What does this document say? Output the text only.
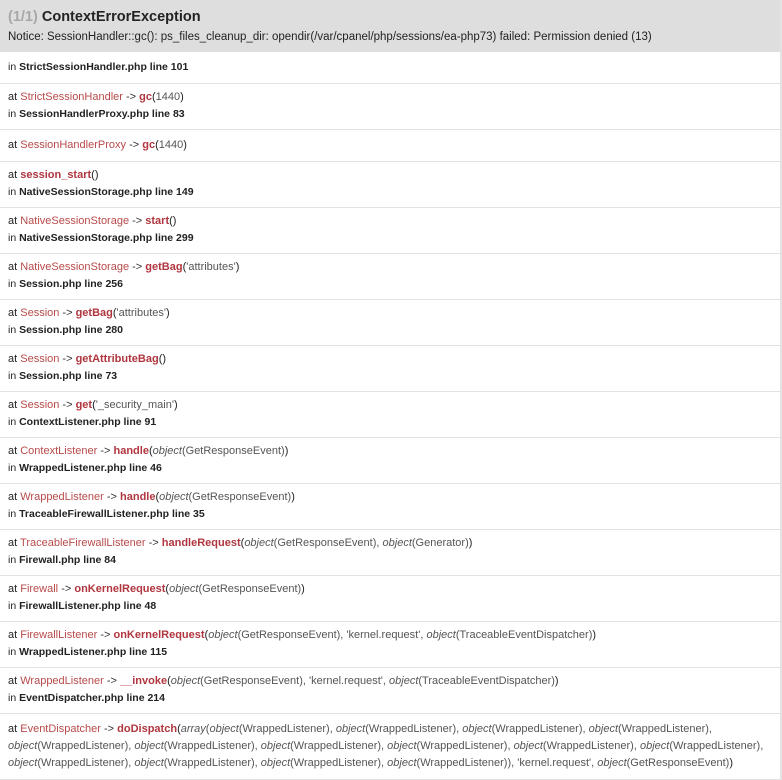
(1/1) ContextErrorException
Notice: SessionHandler::gc(): ps_files_cleanup_dir: opendir(/var/cpanel/php/sessions/ea-php73) failed: Permission denied (13)
in StrictSessionHandler.php line 101
at StrictSessionHandler -> gc(1440)
in SessionHandlerProxy.php line 83
at SessionHandlerProxy -> gc(1440)
at session_start()
in NativeSessionStorage.php line 149
at NativeSessionStorage -> start()
in NativeSessionStorage.php line 299
at NativeSessionStorage -> getBag('attributes')
in Session.php line 256
at Session -> getBag('attributes')
in Session.php line 280
at Session -> getAttributeBag()
in Session.php line 73
at Session -> get('_security_main')
in ContextListener.php line 91
at ContextListener -> handle(object(GetResponseEvent))
in WrappedListener.php line 46
at WrappedListener -> handle(object(GetResponseEvent))
in TraceableFirewallListener.php line 35
at TraceableFirewallListener -> handleRequest(object(GetResponseEvent), object(Generator))
in Firewall.php line 84
at Firewall -> onKernelRequest(object(GetResponseEvent))
in FirewallListener.php line 48
at FirewallListener -> onKernelRequest(object(GetResponseEvent), 'kernel.request', object(TraceableEventDispatcher))
in WrappedListener.php line 115
at WrappedListener -> __invoke(object(GetResponseEvent), 'kernel.request', object(TraceableEventDispatcher))
in EventDispatcher.php line 214
at EventDispatcher -> doDispatch(array(object(WrappedListener), object(WrappedListener), object(WrappedListener), object(WrappedListener), object(WrappedListener), object(WrappedListener), object(WrappedListener), object(WrappedListener), object(WrappedListener), object(WrappedListener), object(WrappedListener), object(WrappedListener), object(WrappedListener), object(WrappedListener)), 'kernel.request', object(GetResponseEvent))
